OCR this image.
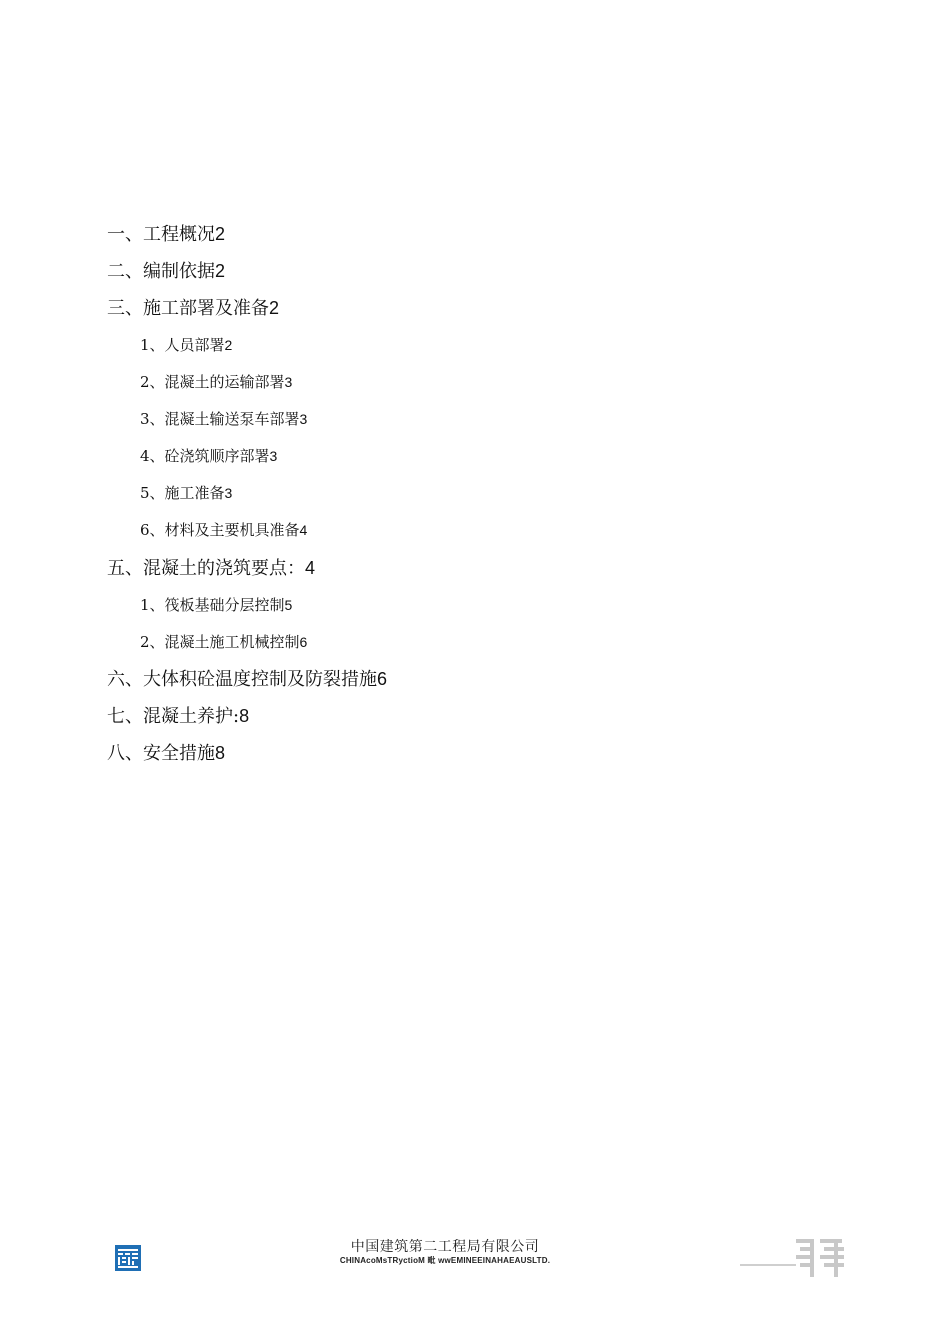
一、工程概况2
二、编制依据2
三、施工部署及准备2
1、人员部署2
2、混凝土的运输部署3
3、混凝土输送泵车部署3
4、砼浇筑顺序部署3
5、施工准备3
6、材料及主要机具准备4
五、混凝土的浇筑要点：4
1、筏板基础分层控制5
2、混凝土施工机械控制6
六、大体积砼温度控制及防裂措施6
七、混凝土养护:8
八、安全措施8
中国建筑第二工程局有限公司
CHINAcoMsTRyctioM 毗 wwEMINEEINAHAEAUSLTD.
